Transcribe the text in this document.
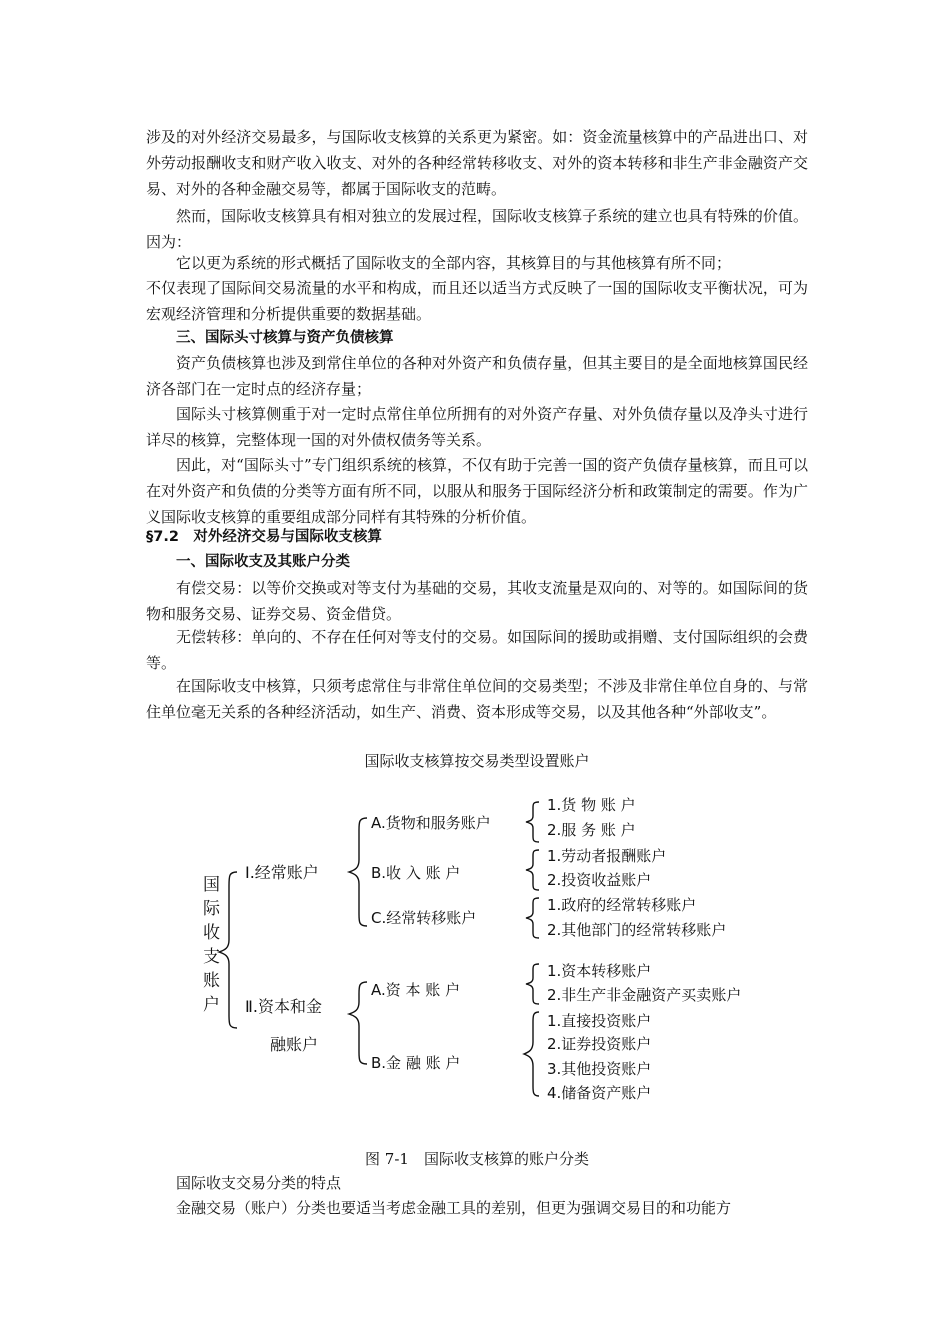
涉及的对外经济交易最多，与国际收支核算的关系更为紧密。如：资金流量核算中的产品进出口、对外劳动报酬收支和财产收入收支、对外的各种经常转移收支、对外的资本转移和非生产非金融资产交易、对外的各种金融交易等，都属于国际收支的范畴。

然而，国际收支核算具有相对独立的发展过程，国际收支核算子系统的建立也具有特殊的价值。因为：

它以更为系统的形式概括了国际收支的全部内容，其核算目的与其他核算有所不同；

不仅表现了国际间交易流量的水平和构成，而且还以适当方式反映了一国的国际收支平衡状况，可为宏观经济管理和分析提供重要的数据基础。

三、国际头寸核算与资产负债核算

资产负债核算也涉及到常住单位的各种对外资产和负债存量，但其主要目的是全面地核算国民经济各部门在一定时点的经济存量；

国际头寸核算侧重于对一定时点常住单位所拥有的对外资产存量、对外负债存量以及净头寸进行详尽的核算，完整体现一国的对外债权债务等关系。

因此，对“国际头寸”专门组织系统的核算，不仅有助于完善一国的资产负债存量核算，而且可以在对外资产和负债的分类等方面有所不同，以服从和服务于国际经济分析和政策制定的需要。作为广义国际收支核算的重要组成部分同样有其特殊的分析价值。

§7.2　对外经济交易与国际收支核算

一、国际收支及其账户分类

有偿交易：以等价交换或对等支付为基础的交易，其收支流量是双向的、对等的。如国际间的货物和服务交易、证券交易、资金借贷。

无偿转移：单向的、不存在任何对等支付的交易。如国际间的援助或捐赠、支付国际组织的会费等。

在国际收支中核算，只须考虑常住与非常住单位间的交易类型；不涉及非常住单位自身的、与常住单位毫无关系的各种经济活动，如生产、消费、资本形成等交易，以及其他各种“外部收支”。

国际收支核算按交易类型设置账户

国
际
收
支
账
户
Ⅰ.经常账户
Ⅱ.资本和金
融账户
A.货物和服务账户
B.收 入 账 户
C.经常转移账户
A.资 本 账 户
B.金 融 账 户
1.货 物 账 户
2.服 务 账 户
1.劳动者报酬账户
2.投资收益账户
1.政府的经常转移账户
2.其他部门的经常转移账户
1.资本转移账户
2.非生产非金融资产买卖账户
1.直接投资账户
2.证券投资账户
3.其他投资账户
4.储备资产账户

图 7-1　国际收支核算的账户分类

国际收支交易分类的特点

金融交易（账户）分类也要适当考虑金融工具的差别，但更为强调交易目的和功能方
